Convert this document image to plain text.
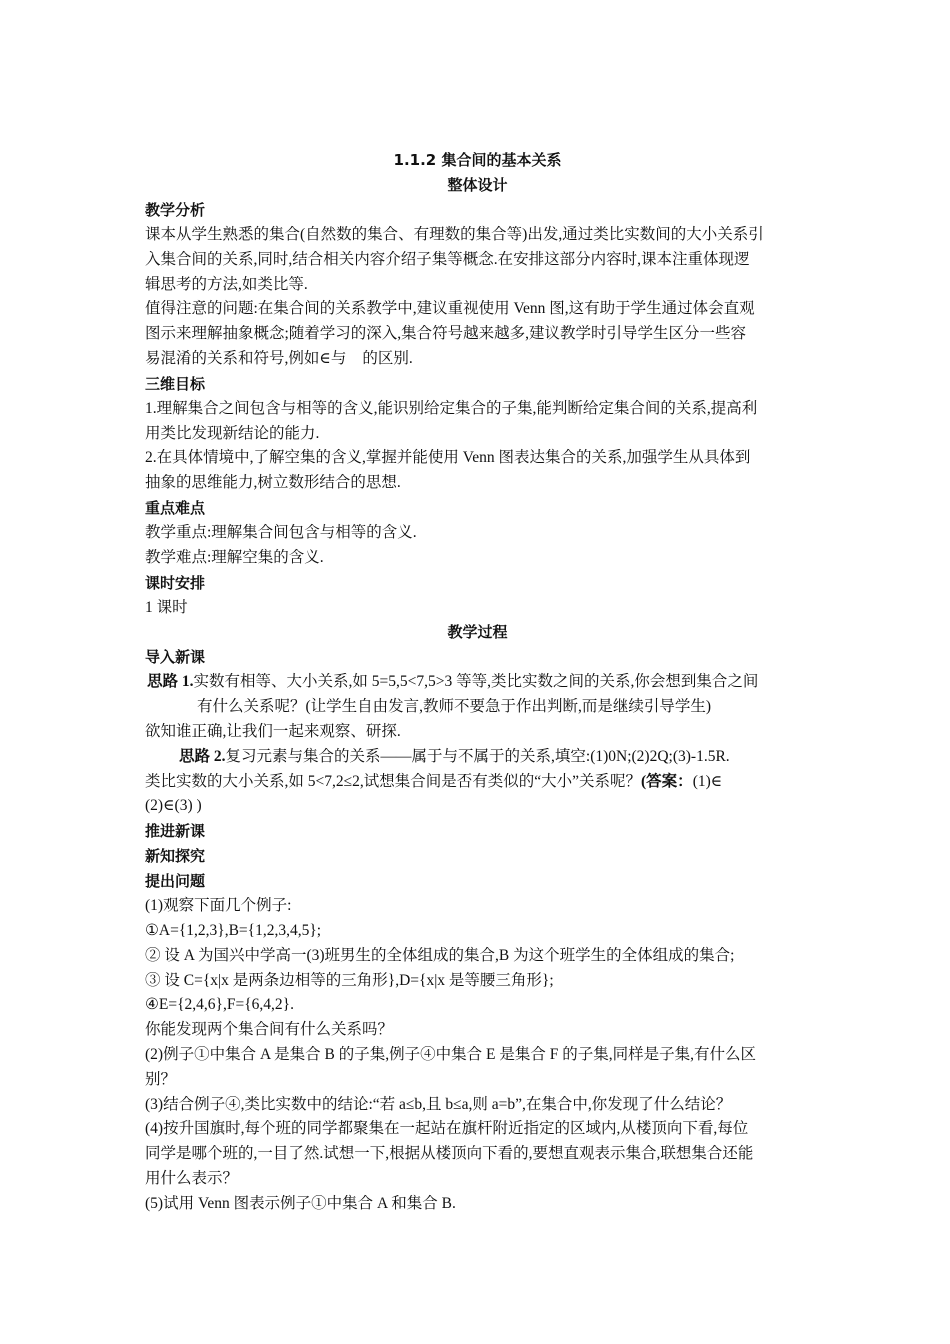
1.1.2 集合间的基本关系
整体设计
教学分析
课本从学生熟悉的集合(自然数的集合、有理数的集合等)出发,通过类比实数间的大小关系引
入集合间的关系,同时,结合相关内容介绍子集等概念.在安排这部分内容时,课本注重体现逻
辑思考的方法,如类比等.
值得注意的问题:在集合间的关系教学中,建议重视使用 Venn 图,这有助于学生通过体会直观
图示来理解抽象概念;随着学习的深入,集合符号越来越多,建议教学时引导学生区分一些容
易混淆的关系和符号,例如∈与 的区别.
三维目标
1.理解集合之间包含与相等的含义,能识别给定集合的子集,能判断给定集合间的关系,提高利
用类比发现新结论的能力.
2.在具体情境中,了解空集的含义,掌握并能使用 Venn 图表达集合的关系,加强学生从具体到
抽象的思维能力,树立数形结合的思想.
重点难点
教学重点:理解集合间包含与相等的含义.
教学难点:理解空集的含义.
课时安排
1 课时
教学过程
导入新课
思路 1.实数有相等、大小关系,如 5=5,5<7,5>3 等等,类比实数之间的关系,你会想到集合之间
有什么关系呢？(让学生自由发言,教师不要急于作出判断,而是继续引导学生)
欲知谁正确,让我们一起来观察、研探.
思路 2.复习元素与集合的关系——属于与不属于的关系,填空:(1)0N;(2)2Q;(3)-1.5R.
类比实数的大小关系,如 5<7,2≤2,试想集合间是否有类似的“大小”关系呢？(答案：(1)∈
(2)∈(3) )
推进新课
新知探究
提出问题
(1)观察下面几个例子:
①A={1,2,3},B={1,2,3,4,5};
② 设 A 为国兴中学高一(3)班男生的全体组成的集合,B 为这个班学生的全体组成的集合;
③ 设 C={x|x 是两条边相等的三角形},D={x|x 是等腰三角形};
④E={2,4,6},F={6,4,2}.
你能发现两个集合间有什么关系吗？
(2)例子①中集合 A 是集合 B 的子集,例子④中集合 E 是集合 F 的子集,同样是子集,有什么区
别？
(3)结合例子④,类比实数中的结论:“若 a≤b,且 b≤a,则 a=b”,在集合中,你发现了什么结论？
(4)按升国旗时,每个班的同学都聚集在一起站在旗杆附近指定的区域内,从楼顶向下看,每位
同学是哪个班的,一目了然.试想一下,根据从楼顶向下看的,要想直观表示集合,联想集合还能
用什么表示？
(5)试用 Venn 图表示例子①中集合 A 和集合 B.
